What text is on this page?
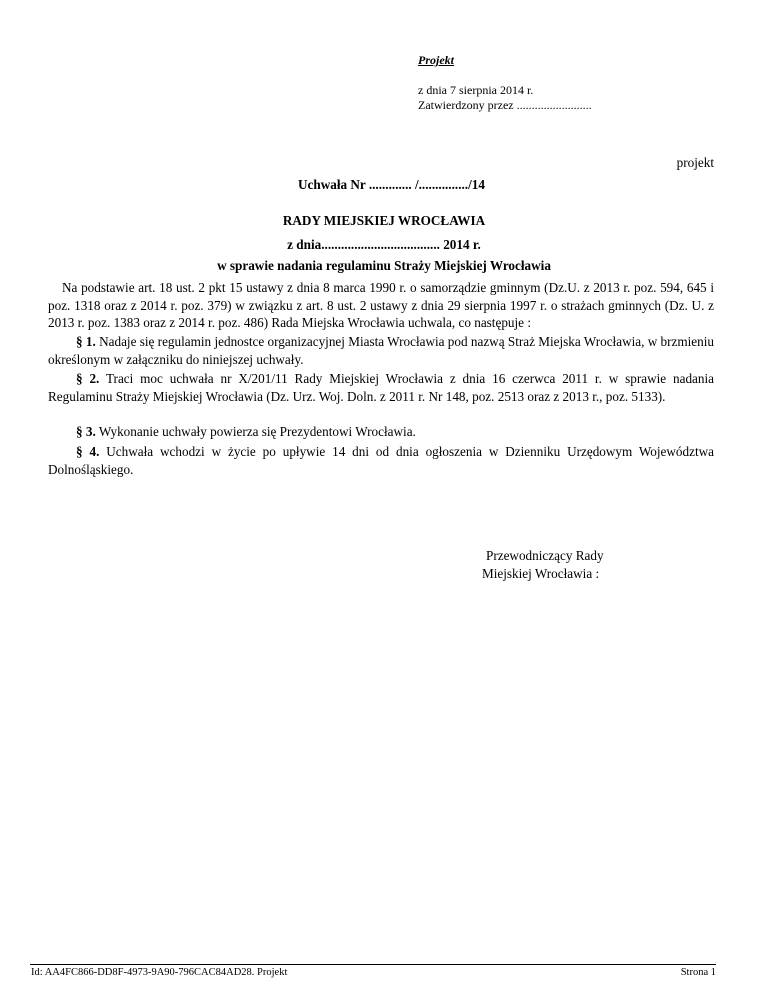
Projekt
z dnia 7 sierpnia 2014 r.
Zatwierdzony przez .........................
projekt
Uchwała Nr ............. /.............../14
RADY MIEJSKIEJ WROCŁAWIA
z dnia.................................... 2014 r.
w sprawie nadania regulaminu Straży Miejskiej Wrocławia
Na podstawie art. 18 ust. 2 pkt 15 ustawy z dnia 8 marca 1990 r. o samorządzie gminnym (Dz.U. z 2013 r. poz. 594, 645 i poz. 1318 oraz z 2014 r. poz. 379) w związku z art. 8 ust. 2 ustawy z dnia 29 sierpnia 1997 r. o strażach gminnych (Dz. U. z 2013 r. poz. 1383 oraz z 2014 r. poz. 486) Rada Miejska Wrocławia uchwala, co następuje :
§ 1. Nadaje się regulamin jednostce organizacyjnej Miasta Wrocławia pod nazwą Straż Miejska Wrocławia, w brzmieniu określonym w załączniku do niniejszej uchwały.
§ 2. Traci moc uchwała nr X/201/11 Rady Miejskiej Wrocławia z dnia 16 czerwca 2011 r. w sprawie nadania Regulaminu Straży Miejskiej Wrocławia (Dz. Urz. Woj. Doln. z 2011 r. Nr 148, poz. 2513 oraz z 2013 r., poz. 5133).
§ 3. Wykonanie uchwały powierza się Prezydentowi Wrocławia.
§ 4. Uchwała wchodzi w życie po upływie 14 dni od dnia ogłoszenia w Dzienniku Urzędowym Województwa Dolnośląskiego.
Przewodniczący Rady
Miejskiej Wrocławia :
Id: AA4FC866-DD8F-4973-9A90-796CAC84AD28. Projekt	Strona 1
